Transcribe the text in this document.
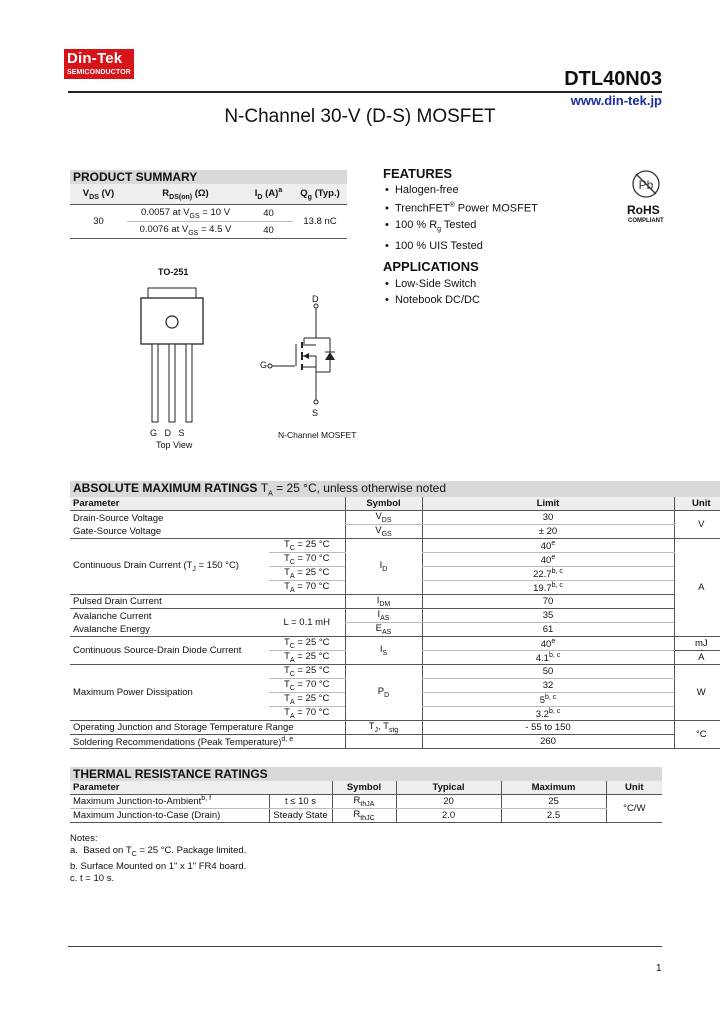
Din-Tek
SEMICONDUCTOR	DTL40N03
www.din-tek.jp
N-Channel 30-V (D-S) MOSFET
PRODUCT SUMMARY			
$V_{DS}$ (V)	$R_{DS(on)}$ (Ω)	$I_D$ $(A)^a$	$Q_g$ (Typ.)
30	0.0057 at $V_{GS} = 10$ V	40	13.8 nC
	0.0076 at $V_{GS} = 4.5$ V	40	
TO-251
G   D   S
Top View
D
G
S
N-Channel MOSFET
FEATURES
•  Halogen-free
•  TrenchFET® Power MOSFET
•  100 % $R_g$ Tested
•  100 % UIS Tested
Pb
RoHS
COMPLIANT
APPLICATIONS
•  Low-Side Switch
•  Notebook DC/DC
ABSOLUTE MAXIMUM RATINGS $T_A = 25$ °C, unless otherwise noted				
Parameter		Symbol	Limit	Unit
Drain-Source Voltage		$V_{DS}$	30	V
Gate-Source Voltage		$V_{GS}$	± 20	
Continuous Drain Current ($T_J = 150$ °C)	$T_C = 25$ °C	$I_D$	40e	A
	$T_C = 70$ °C		40e
	$T_A = 25$ °C		22.7$^{b, c}$
	$T_A = 70$ °C		19.7$^{b, c}$
Pulsed Drain Current		$I_{DM}$	70	
Avalanche Current	L = 0.1 mH	$I_{AS}$	35	
Avalanche Energy		$E_{AS}$	61	
Continuous Source-Drain Diode Current	$T_C = 25$ °C	$I_S$	40e	mJ
	$T_A = 25$ °C		4.1$^{b, c}$	A
Maximum Power Dissipation	$T_C = 25$ °C	$P_D$	50	W
	$T_C = 70$ °C		32	
	$T_A = 25$ °C		5$^{b, c}$
	$T_A = 70$ °C		3.2$^{b, c}$
Operating Junction and Storage Temperature Range		$T_J$, $T_{stg}$	- 55 to 150	°C
Soldering Recommendations (Peak Temperature)$^{d, e}$			260	
THERMAL RESISTANCE RATINGS					
Parameter		Symbol	Typical	Maximum	Unit
Maximum Junction-to-Ambient$^{b, f}$	t ≤ 10 s	$R_{thJA}$	20	25	°C/W
Maximum Junction-to-Case (Drain)	Steady State	$R_{thJC}$	2.0	2.5	
Notes:
a.  Based on $T_C = 25$ °C. Package limited.
b. Surface Mounted on 1" x 1" FR4 board.
c. t = 10 s.
1
